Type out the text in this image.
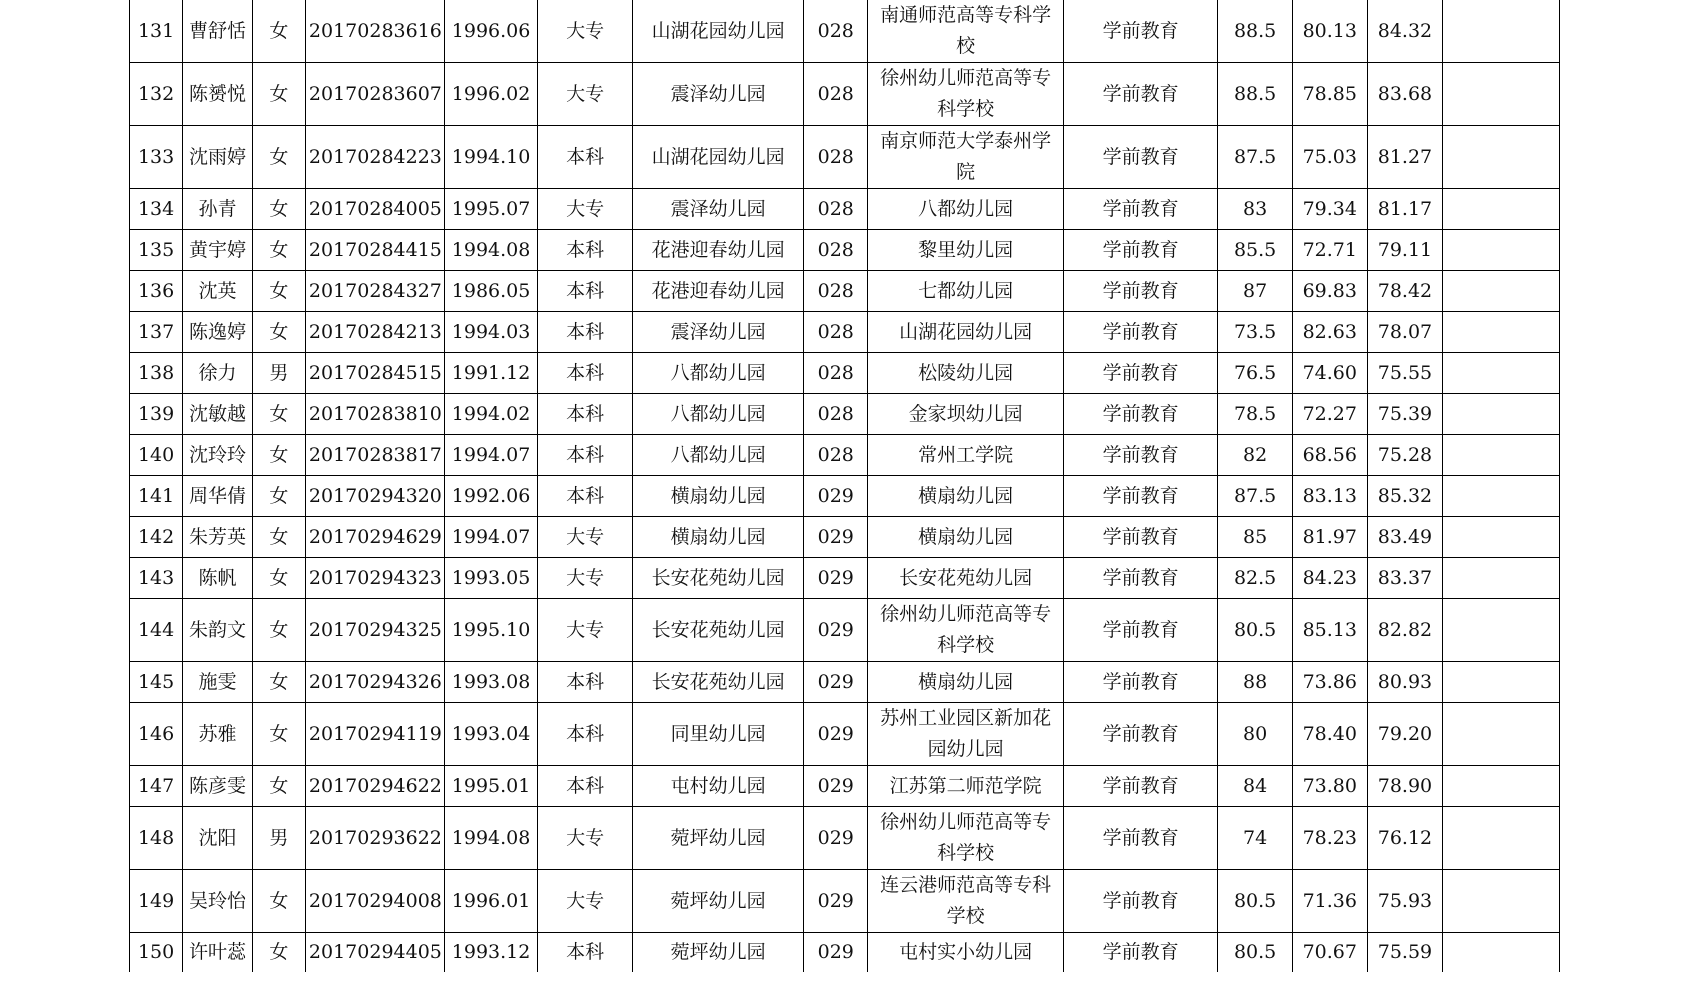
131	曹舒恬	女	20170283616	1996.06	大专	山湖花园幼儿园	028	南通师范高等专科学校	学前教育	88.5	80.13	84.32	
132	陈赟悦	女	20170283607	1996.02	大专	震泽幼儿园	028	徐州幼儿师范高等专科学校	学前教育	88.5	78.85	83.68	
133	沈雨婷	女	20170284223	1994.10	本科	山湖花园幼儿园	028	南京师范大学泰州学院	学前教育	87.5	75.03	81.27	
134	孙青	女	20170284005	1995.07	大专	震泽幼儿园	028	八都幼儿园	学前教育	83	79.34	81.17	
135	黄宇婷	女	20170284415	1994.08	本科	花港迎春幼儿园	028	黎里幼儿园	学前教育	85.5	72.71	79.11	
136	沈英	女	20170284327	1986.05	本科	花港迎春幼儿园	028	七都幼儿园	学前教育	87	69.83	78.42	
137	陈逸婷	女	20170284213	1994.03	本科	震泽幼儿园	028	山湖花园幼儿园	学前教育	73.5	82.63	78.07	
138	徐力	男	20170284515	1991.12	本科	八都幼儿园	028	松陵幼儿园	学前教育	76.5	74.60	75.55	
139	沈敏越	女	20170283810	1994.02	本科	八都幼儿园	028	金家坝幼儿园	学前教育	78.5	72.27	75.39	
140	沈玲玲	女	20170283817	1994.07	本科	八都幼儿园	028	常州工学院	学前教育	82	68.56	75.28	
141	周华倩	女	20170294320	1992.06	本科	横扇幼儿园	029	横扇幼儿园	学前教育	87.5	83.13	85.32	
142	朱芳英	女	20170294629	1994.07	大专	横扇幼儿园	029	横扇幼儿园	学前教育	85	81.97	83.49	
143	陈帆	女	20170294323	1993.05	大专	长安花苑幼儿园	029	长安花苑幼儿园	学前教育	82.5	84.23	83.37	
144	朱韵文	女	20170294325	1995.10	大专	长安花苑幼儿园	029	徐州幼儿师范高等专科学校	学前教育	80.5	85.13	82.82	
145	施雯	女	20170294326	1993.08	本科	长安花苑幼儿园	029	横扇幼儿园	学前教育	88	73.86	80.93	
146	苏雅	女	20170294119	1993.04	本科	同里幼儿园	029	苏州工业园区新加花园幼儿园	学前教育	80	78.40	79.20	
147	陈彦雯	女	20170294622	1995.01	本科	屯村幼儿园	029	江苏第二师范学院	学前教育	84	73.80	78.90	
148	沈阳	男	20170293622	1994.08	大专	菀坪幼儿园	029	徐州幼儿师范高等专科学校	学前教育	74	78.23	76.12	
149	吴玲怡	女	20170294008	1996.01	大专	菀坪幼儿园	029	连云港师范高等专科学校	学前教育	80.5	71.36	75.93	
150	许叶蕊	女	20170294405	1993.12	本科	菀坪幼儿园	029	屯村实小幼儿园	学前教育	80.5	70.67	75.59	
